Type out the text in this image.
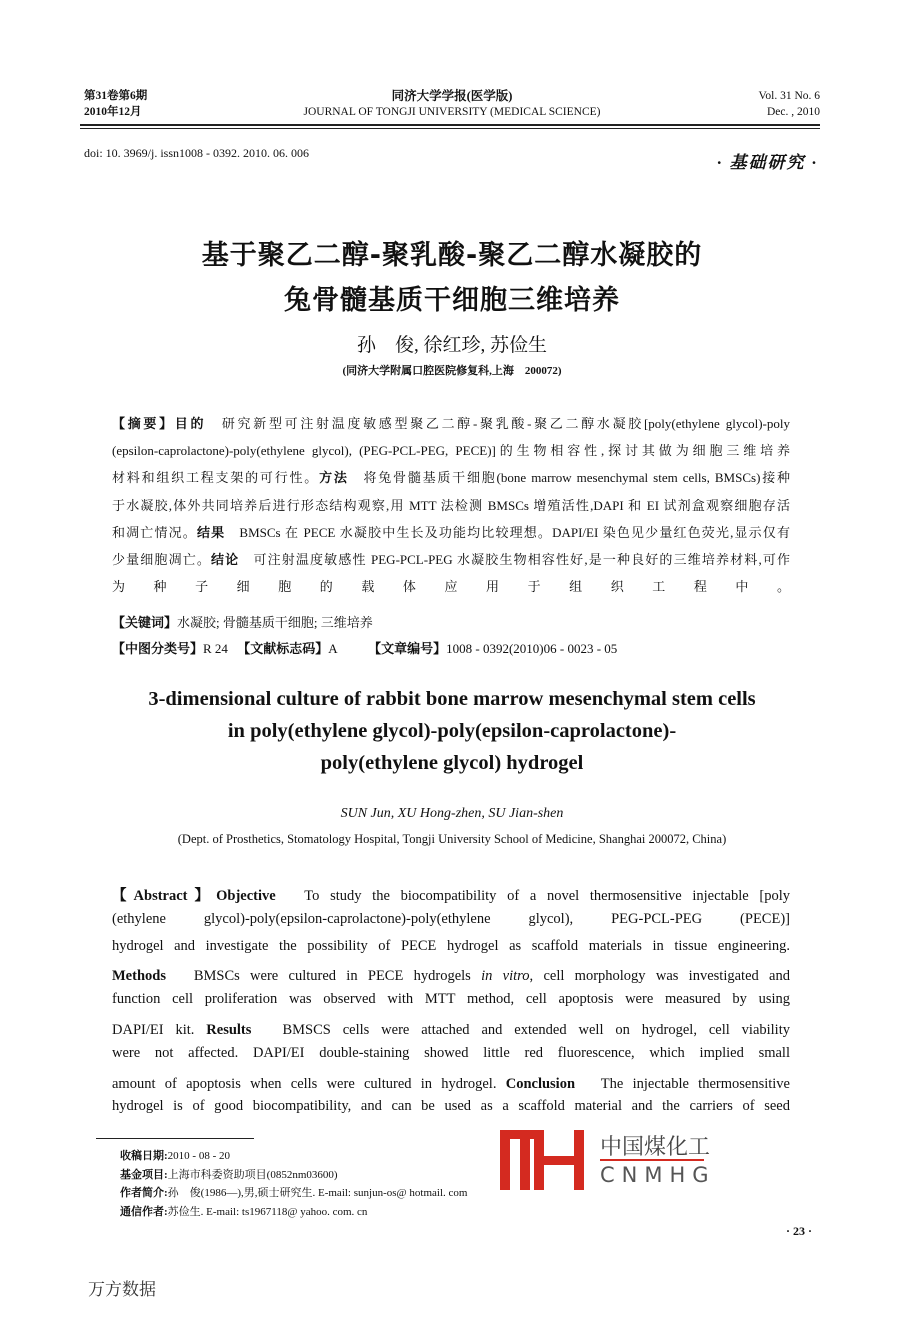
第31卷第6期
2010年12月
同济大学学报(医学版)
JOURNAL OF TONGJI UNIVERSITY (MEDICAL SCIENCE)
Vol. 31 No. 6
Dec. , 2010
doi: 10. 3969/j. issn1008 - 0392. 2010. 06. 006	· 基础研究 ·
基于聚乙二醇-聚乳酸-聚乙二醇水凝胶的
兔骨髓基质干细胞三维培养
孙　俊, 徐红珍, 苏俭生
(同济大学附属口腔医院修复科,上海　200072)
【摘要】目的　研究新型可注射温度敏感型聚乙二醇-聚乳酸-聚乙二醇水凝胶[poly(ethylene glycol)-poly
(epsilon-caprolactone)-poly(ethylene glycol), (PEG-PCL-PEG, PECE)]的生物相容性,探讨其做为细胞三维培养
材料和组织工程支架的可行性。方法　将兔骨髓基质干细胞(bone marrow mesenchymal stem cells, BMSCs)接种
于水凝胶,体外共同培养后进行形态结构观察,用 MTT 法检测 BMSCs 增殖活性,DAPI 和 EI 试剂盒观察细胞存活
和凋亡情况。结果　BMSCs 在 PECE 水凝胶中生长及功能均比较理想。DAPI/EI 染色见少量红色荧光,显示仅有
少量细胞凋亡。结论　可注射温度敏感性 PEG-PCL-PEG 水凝胶生物相容性好,是一种良好的三维培养材料,可作
为种子细胞的载体应用于组织工程中。
【关键词】水凝胶; 骨髓基质干细胞; 三维培养
【中图分类号】R 24 【文献标志码】A 【文章编号】1008 - 0392(2010)06 - 0023 - 05
3-dimensional culture of rabbit bone marrow mesenchymal stem cells
in poly(ethylene glycol)-poly(epsilon-caprolactone)-
poly(ethylene glycol) hydrogel
SUN Jun, XU Hong-zhen, SU Jian-shen
(Dept. of Prosthetics, Stomatology Hospital, Tongji University School of Medicine, Shanghai 200072, China)
【Abstract】Objective　To study the biocompatibility of a novel thermosensitive injectable [poly
(ethylene glycol)-poly(epsilon-caprolactone)-poly(ethylene glycol), PEG-PCL-PEG (PECE)]
hydrogel and investigate the possibility of PECE hydrogel as scaffold materials in tissue engineering.
Methods　BMSCs were cultured in PECE hydrogels in vitro, cell morphology was investigated and
function cell proliferation was observed with MTT method, cell apoptosis were measured by using
DAPI/EI kit. Results　BMSCS cells were attached and extended well on hydrogel, cell viability
were not affected. DAPI/EI double-staining showed little red fluorescence, which implied small
amount of apoptosis when cells were cultured in hydrogel. Conclusion　The injectable thermosensitive
hydrogel is of good biocompatibility, and can be used as a scaffold material and the carriers of seed
收稿日期:2010 - 08 - 20
基金项目:上海市科委资助项目(0852nm03600)
作者简介:孙　俊(1986—),男,硕士研究生. E-mail: sunjun-os@ hotmail. com
通信作者:苏俭生. E-mail: ts1967118@ yahoo. com. cn
中国煤化工
CNMHG
· 23 ·
万方数据
